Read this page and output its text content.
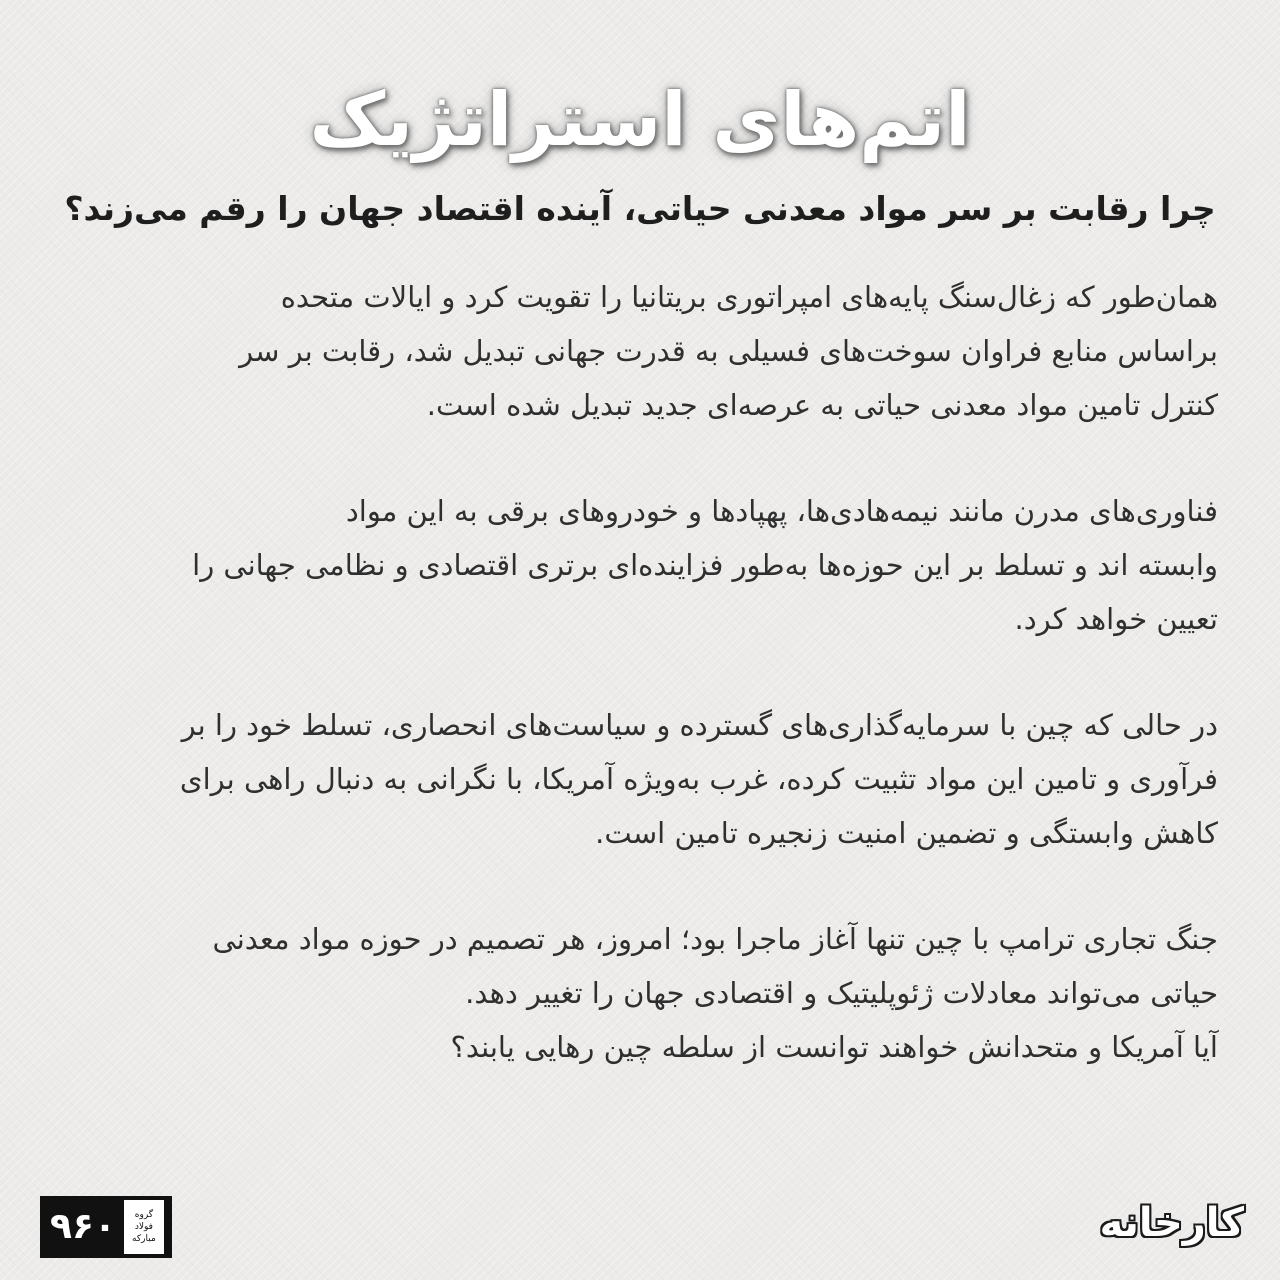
اتم‌های استراتژیک
چرا رقابت بر سر مواد معدنی حیاتی، آینده اقتصاد جهان را رقم می‌زند؟

همان‌طور که زغال‌سنگ پایه‌های امپراتوری بریتانیا را تقویت کرد و ایالات متحده
براساس منابع فراوان سوخت‌های فسیلی به قدرت جهانی تبدیل شد، رقابت بر سر
کنترل تامین مواد معدنی حیاتی به عرصه‌ای جدید تبدیل شده است.

فناوری‌های مدرن مانند نیمه‌هادی‌ها، پهپادها و خودروهای برقی به این مواد
وابسته اند و تسلط بر این حوزه‌ها به‌طور فزاینده‌ای برتری اقتصادی و نظامی جهانی را
تعیین خواهد کرد.

در حالی که چین با سرمایه‌گذاری‌های گسترده و سیاست‌های انحصاری، تسلط خود را بر
فرآوری و تامین این مواد تثبیت کرده، غرب به‌ویژه آمریکا، با نگرانی به دنبال راهی برای
کاهش وابستگی و تضمین امنیت زنجیره تامین است.

جنگ تجاری ترامپ با چین تنها آغاز ماجرا بود؛ امروز، هر تصمیم در حوزه مواد معدنی
حیاتی می‌تواند معادلات ژئوپلیتیک و اقتصادی جهان را تغییر دهد.
آیا آمریکا و متحدانش خواهند توانست از سلطه چین رهایی یابند؟

۹۶۰	گروه
فولاد
مبارکه	کارخانه
